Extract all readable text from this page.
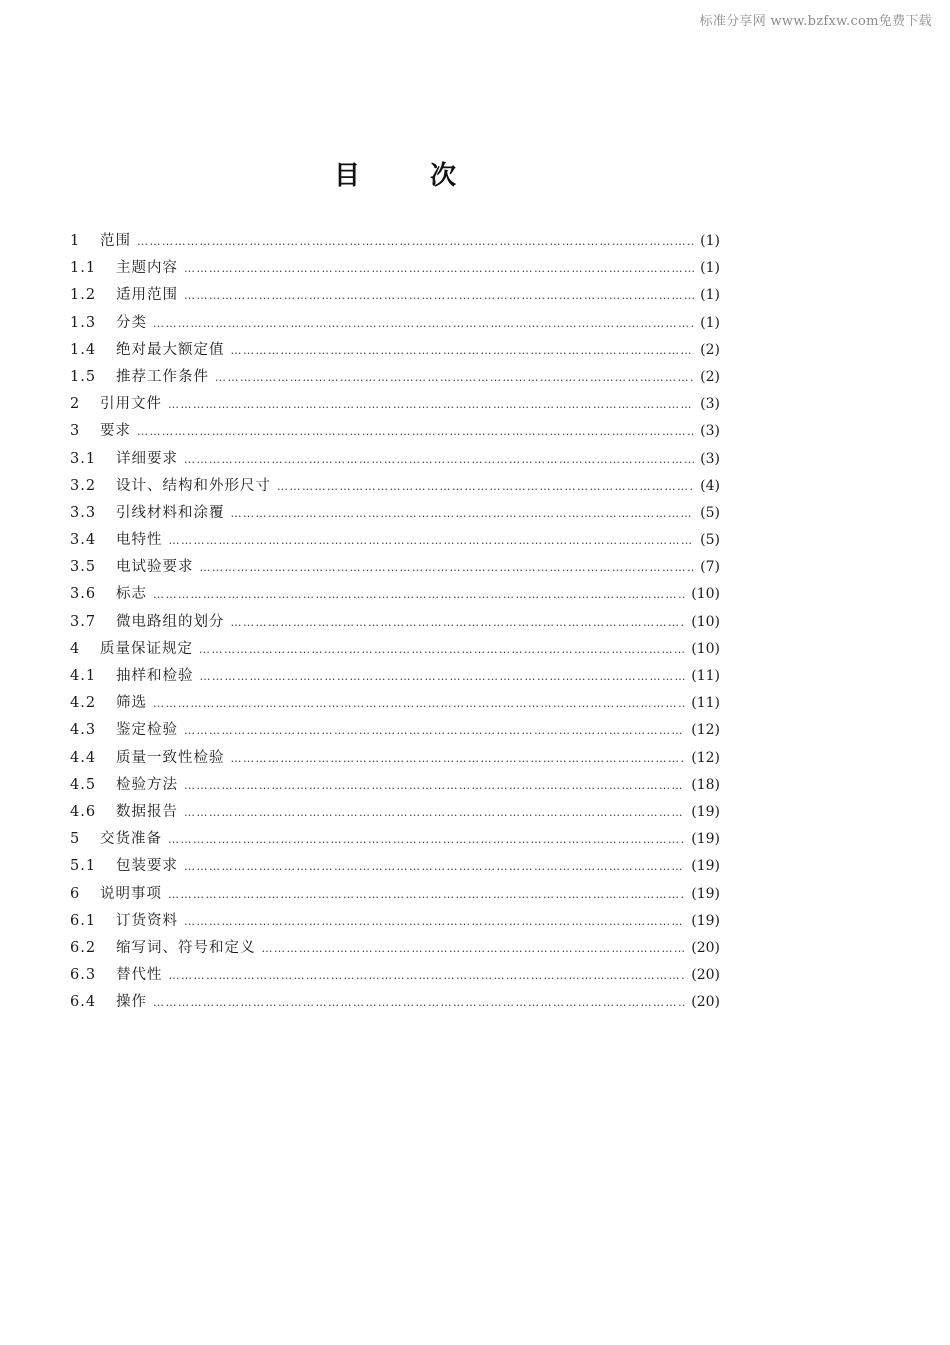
标准分享网 www.bzfxw.com免费下载
目次
1	范围 …………………………………………………………………………………………………………………………………………………	(1)
1.1	主题内容 …………………………………………………………………………………………………………………………………………………	(1)
1.2	适用范围 …………………………………………………………………………………………………………………………………………………	(1)
1.3	分类 …………………………………………………………………………………………………………………………………………………	(1)
1.4	绝对最大额定值 …………………………………………………………………………………………………………………………………………………	(2)
1.5	推荐工作条件 …………………………………………………………………………………………………………………………………………………	(2)
2	引用文件 …………………………………………………………………………………………………………………………………………………	(3)
3	要求 …………………………………………………………………………………………………………………………………………………	(3)
3.1	详细要求 …………………………………………………………………………………………………………………………………………………	(3)
3.2	设计、结构和外形尺寸 …………………………………………………………………………………………………………………………………………………	(4)
3.3	引线材料和涂覆 …………………………………………………………………………………………………………………………………………………	(5)
3.4	电特性 …………………………………………………………………………………………………………………………………………………	(5)
3.5	电试验要求 …………………………………………………………………………………………………………………………………………………	(7)
3.6	标志 …………………………………………………………………………………………………………………………………………………	(10)
3.7	微电路组的划分 …………………………………………………………………………………………………………………………………………………	(10)
4	质量保证规定 …………………………………………………………………………………………………………………………………………………	(10)
4.1	抽样和检验 …………………………………………………………………………………………………………………………………………………	(11)
4.2	筛选 …………………………………………………………………………………………………………………………………………………	(11)
4.3	鉴定检验 …………………………………………………………………………………………………………………………………………………	(12)
4.4	质量一致性检验 …………………………………………………………………………………………………………………………………………………	(12)
4.5	检验方法 …………………………………………………………………………………………………………………………………………………	(18)
4.6	数据报告 …………………………………………………………………………………………………………………………………………………	(19)
5	交货准备 …………………………………………………………………………………………………………………………………………………	(19)
5.1	包装要求 …………………………………………………………………………………………………………………………………………………	(19)
6	说明事项 …………………………………………………………………………………………………………………………………………………	(19)
6.1	订货资料 …………………………………………………………………………………………………………………………………………………	(19)
6.2	缩写词、符号和定义 …………………………………………………………………………………………………………………………………………………	(20)
6.3	替代性 …………………………………………………………………………………………………………………………………………………	(20)
6.4	操作 …………………………………………………………………………………………………………………………………………………	(20)
